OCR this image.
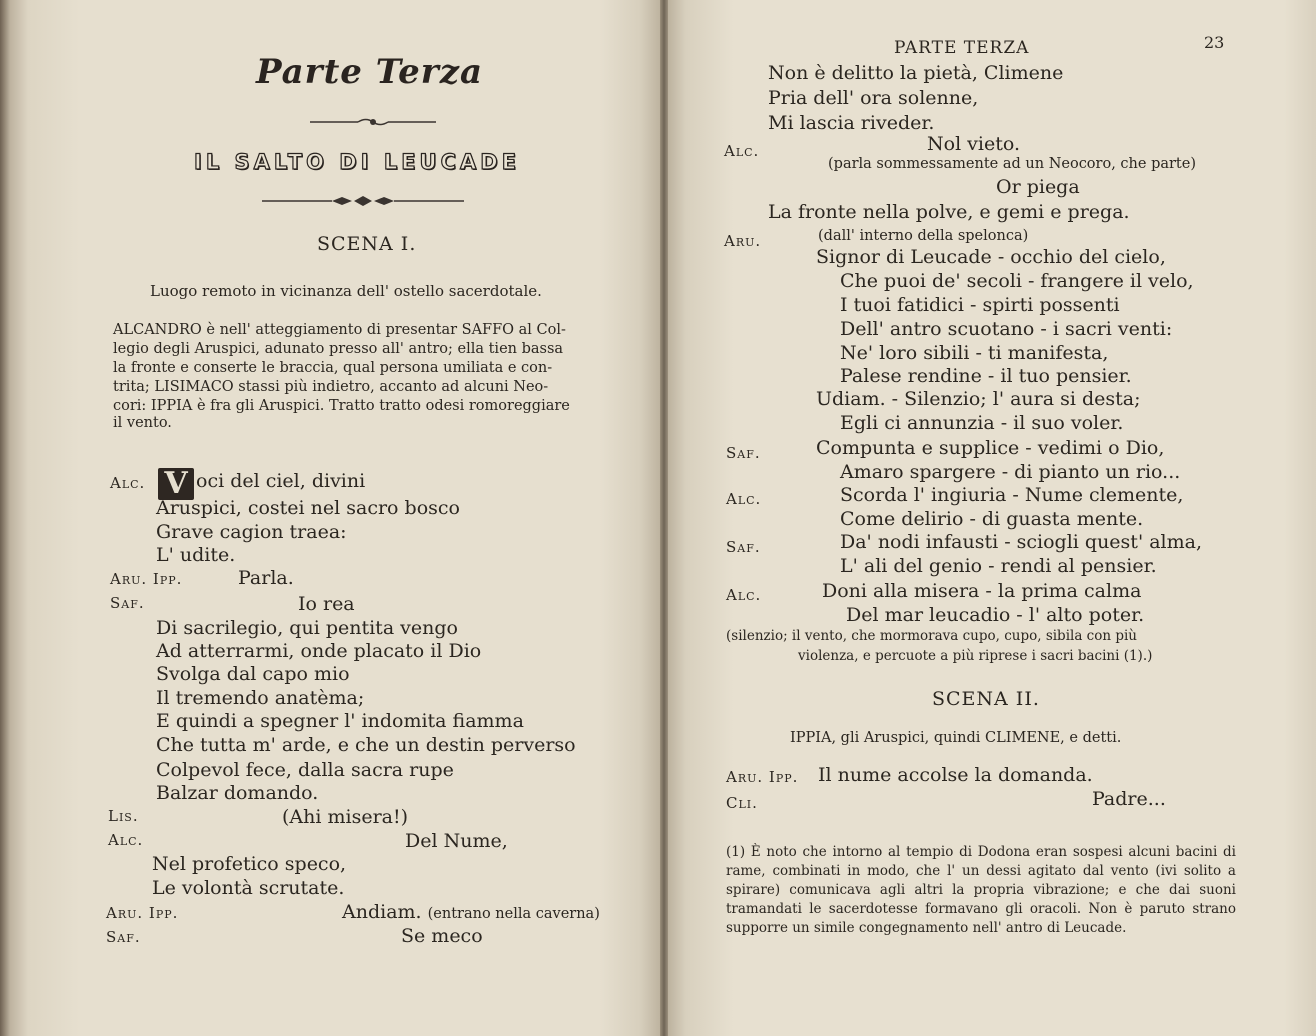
Parte Terza
IL SALTO DI LEUCADE
SCENA I.
Luogo remoto in vicinanza dell' ostello sacerdotale.
ALCANDRO è nell' atteggiamento di presentar SAFFO al Col-
legio degli Aruspici, adunato presso all' antro; ella tien bassa
la fronte e conserte le braccia, qual persona umiliata e con-
trita; LISIMACO stassi più indietro, accanto ad alcuni Neo-
cori: IPPIA è fra gli Aruspici. Tratto tratto odesi romoreggiare
il vento.
Alc. V oci del ciel, divini
Aruspici, costei nel sacro bosco
Grave cagion traea:
L' udite.
Aru. Ipp.	Parla.
Saf.	Io rea
Di sacrilegio, qui pentita vengo
Ad atterrarmi, onde placato il Dio
Svolga dal capo mio
Il tremendo anatèma;
E quindi a spegner l' indomita fiamma
Che tutta m' arde, e che un destin perverso
Colpevol fece, dalla sacra rupe
Balzar domando.
Lis.	(Ahi misera!)
Alc.	Del Nume,
Nel profetico speco,
Le volontà scrutate.
Aru. Ipp.	Andiam. (entrano nella caverna)
Saf.	Se meco
PARTE TERZA	23
Non è delitto la pietà, Climene
Pria dell' ora solenne,
Mi lascia riveder.
Alc.	Nol vieto.
(parla sommessamente ad un Neocoro, che parte)
Or piega
La fronte nella polve, e gemi e prega.
Aru.	(dall' interno della spelonca)
Signor di Leucade - occhio del cielo,
Che puoi de' secoli - frangere il velo,
I tuoi fatidici - spirti possenti
Dell' antro scuotano - i sacri venti:
Ne' loro sibili - ti manifesta,
Palese rendine - il tuo pensier.
Udiam. - Silenzio; l' aura si desta;
Egli ci annunzia - il suo voler.
Saf.	Compunta e supplice - vedimi o Dio,
Amaro spargere - di pianto un rio...
Alc.	Scorda l' ingiuria - Nume clemente,
Come delirio - di guasta mente.
Saf.	Da' nodi infausti - sciogli quest' alma,
L' ali del genio - rendi al pensier.
Alc.	Doni alla misera - la prima calma
Del mar leucadio - l' alto poter.
(silenzio; il vento, che mormorava cupo, cupo, sibila con più
violenza, e percuote a più riprese i sacri bacini (1).)
SCENA II.
IPPIA, gli Aruspici, quindi CLIMENE, e detti.
Aru. Ipp. Il nume accolse la domanda.
Cli.	Padre...
(1) È noto che intorno al tempio di Dodona eran sospesi alcuni bacini di rame, combinati in modo, che l' un dessi agitato dal vento (ivi solito a spirare) comunicava agli altri la propria vibrazione; e che dai suoni tramandati le sacerdotesse formavano gli oracoli. Non è paruto strano supporre un simile congegnamento nell' antro di Leucade.
